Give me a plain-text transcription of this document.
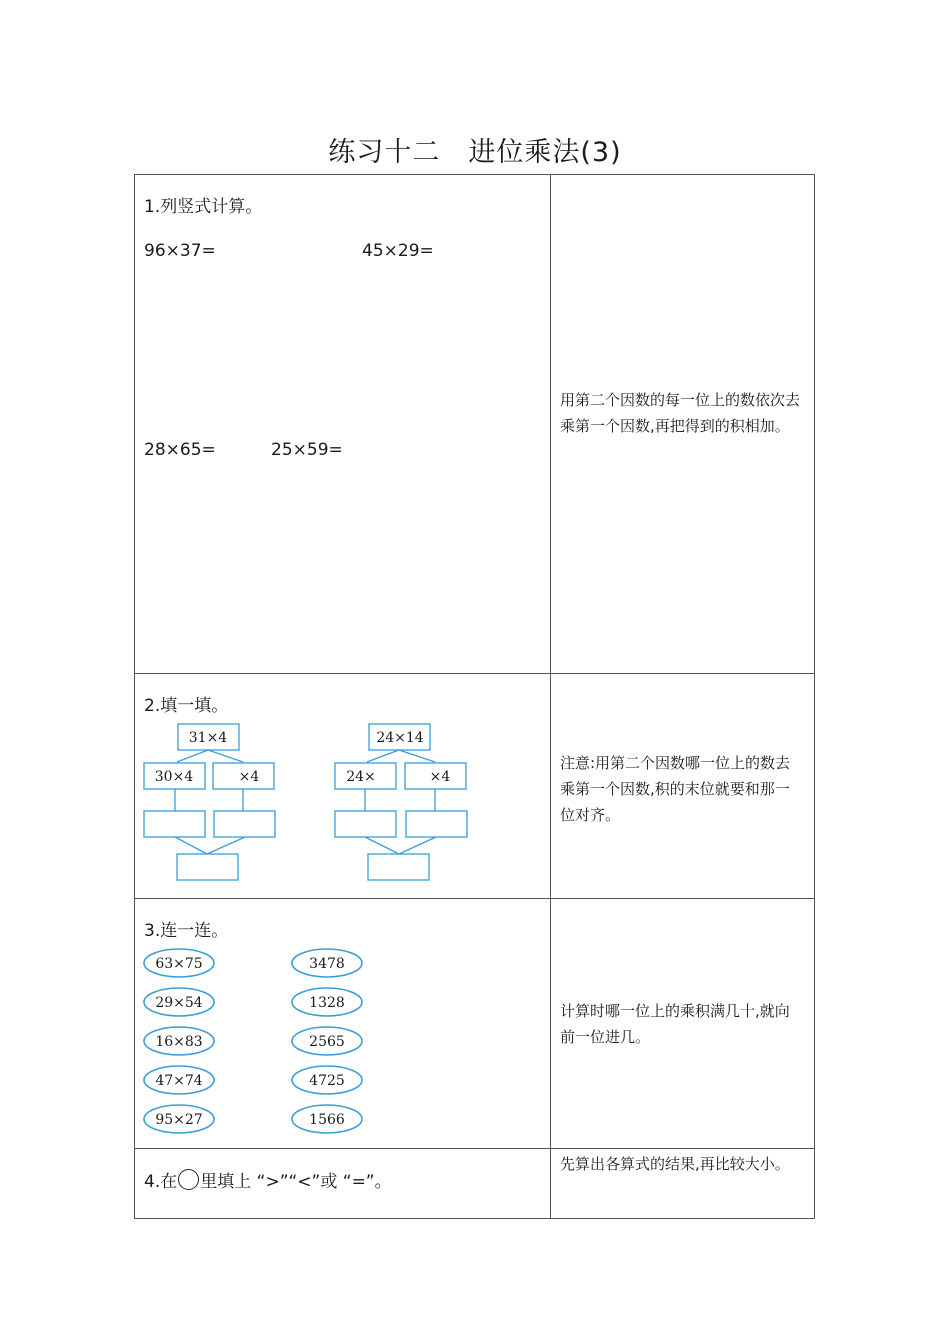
练习十二　进位乘法(3)
1.列竖式计算。
96×37=	45×29=
28×65=	25×59=
用第二个因数的每一位上的数依次去乘第一个因数,再把得到的积相加。
2.填一填。
31×4
30×4	×4
24×14
24×	×4
注意:用第二个因数哪一位上的数去乘第一个因数,积的末位就要和那一位对齐。
3.连一连。
63×75
29×54
16×83
47×74
95×27
3478
1328
2565
4725
1566
计算时哪一位上的乘积满几十,就向前一位进几。
4.在 里填上 “>”“<”或 “=”。
先算出各算式的结果,再比较大小。
